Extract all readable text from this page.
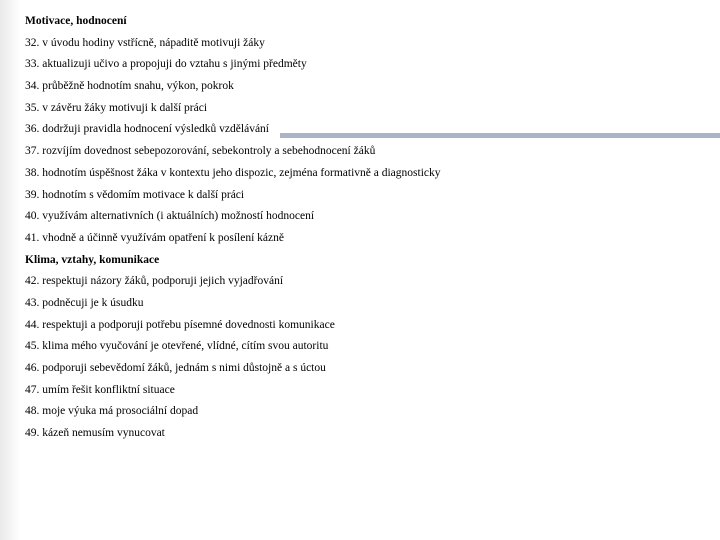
Motivace, hodnocení
32. v úvodu hodiny vstřícně, nápaditě motivuji žáky
33. aktualizuji učivo a propojuji do vztahu s jinými předměty
34. průběžně hodnotím snahu, výkon, pokrok
35. v závěru žáky motivuji k další práci
36. dodržuji pravidla hodnocení výsledků vzdělávání
37. rozvíjím dovednost sebepozorování, sebekontroly a sebehodnocení žáků
38. hodnotím úspěšnost žáka v kontextu jeho dispozic, zejména formativně a diagnosticky
39. hodnotím s vědomím motivace k další práci
40. využívám alternativních (i aktuálních) možností hodnocení
41. vhodně a účinně využívám opatření k posílení kázně
Klima, vztahy, komunikace
42. respektuji názory žáků, podporuji jejich vyjadřování
43. podněcuji je k úsudku
44. respektuji a podporuji potřebu písemné dovednosti komunikace
45. klima mého vyučování je otevřené, vlídné, cítím svou autoritu
46. podporuji sebevědomí žáků, jednám s nimi důstojně a s úctou
47. umím řešit konfliktní situace
48. moje výuka má prosociální dopad
49. kázeň nemusím vynucovat
